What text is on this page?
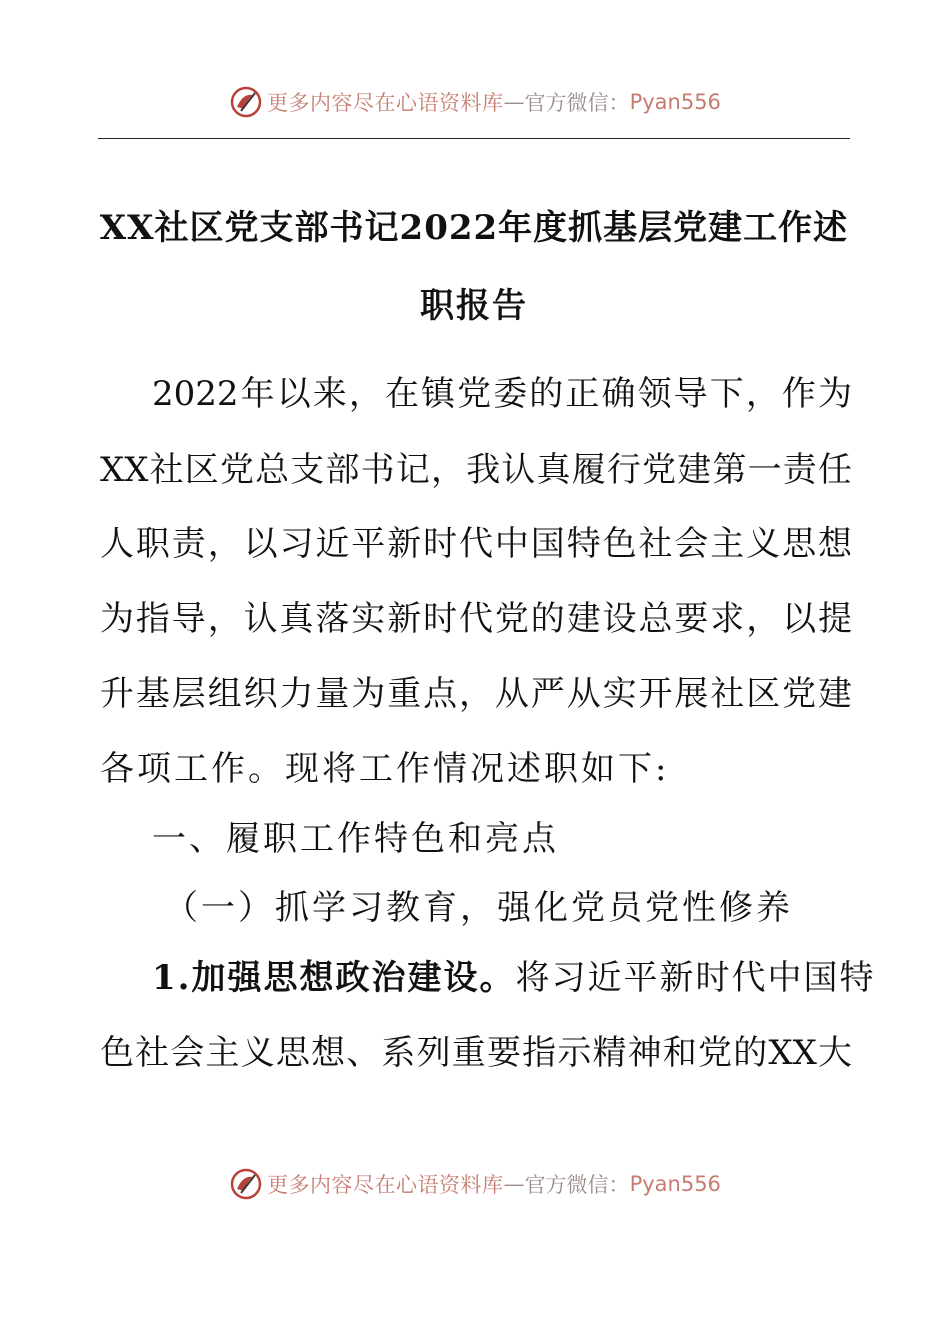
更多内容尽在心语资料库 — 官方微信： Pyan556
XX社区党支部书记2022年度抓基层党建工作述
职报告
2022年以来，在镇党委的正确领导下，作为
XX社区党总支部书记，我认真履行党建第一责任
人职责，以习近平新时代中国特色社会主义思想
为指导，认真落实新时代党的建设总要求，以提
升基层组织力量为重点，从严从实开展社区党建
各项工作。现将工作情况述职如下:
一、履职工作特色和亮点
（一）抓学习教育，强化党员党性修养
1.加强思想政治建设。将习近平新时代中国特
色社会主义思想、系列重要指示精神和党的XX大
更多内容尽在心语资料库 — 官方微信： Pyan556
